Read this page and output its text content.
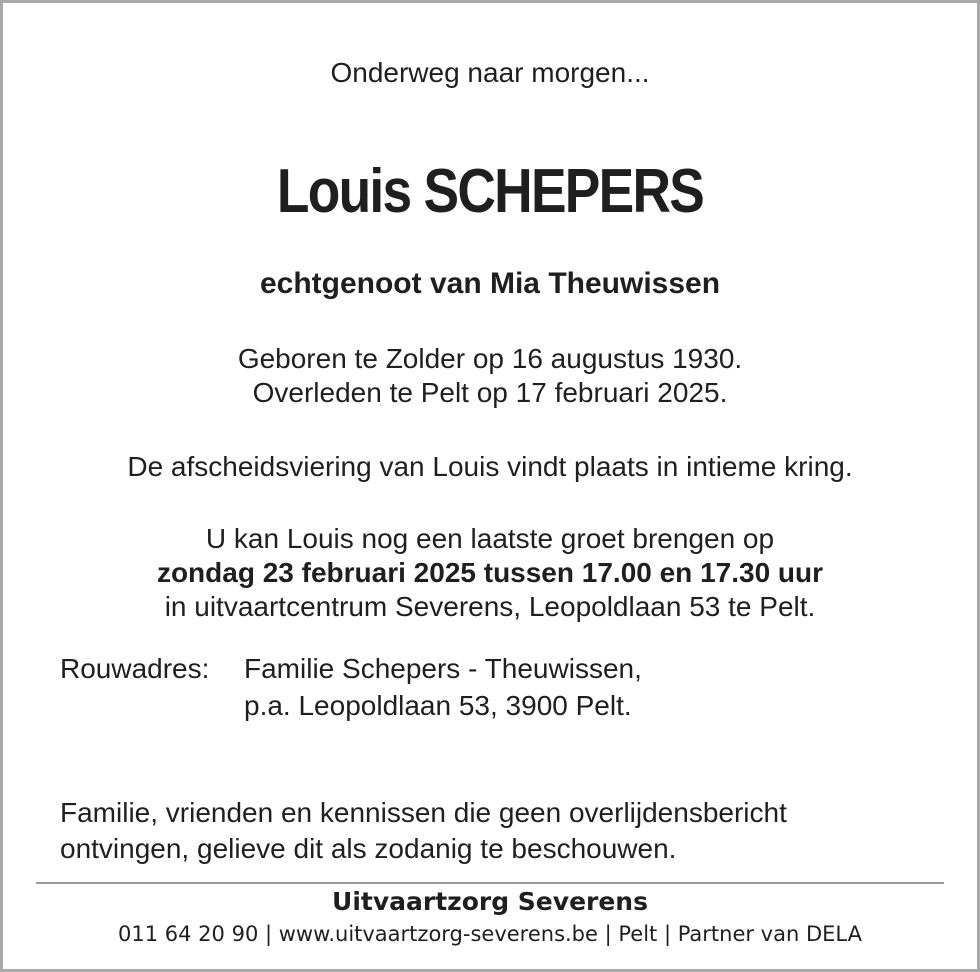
Onderweg naar morgen...
Louis SCHEPERS
echtgenoot van Mia Theuwissen
Geboren te Zolder op 16 augustus 1930.
Overleden te Pelt op 17 februari 2025.
De afscheidsviering van Louis vindt plaats in intieme kring.
U kan Louis nog een laatste groet brengen op
zondag 23 februari 2025 tussen 17.00 en 17.30 uur
in uitvaartcentrum Severens, Leopoldlaan 53 te Pelt.
Rouwadres: Familie Schepers - Theuwissen,
p.a. Leopoldlaan 53, 3900 Pelt.
Familie, vrienden en kennissen die geen overlijdensbericht
ontvingen, gelieve dit als zodanig te beschouwen.
Uitvaartzorg Severens
011 64 20 90 | www.uitvaartzorg-severens.be | Pelt | Partner van DELA
